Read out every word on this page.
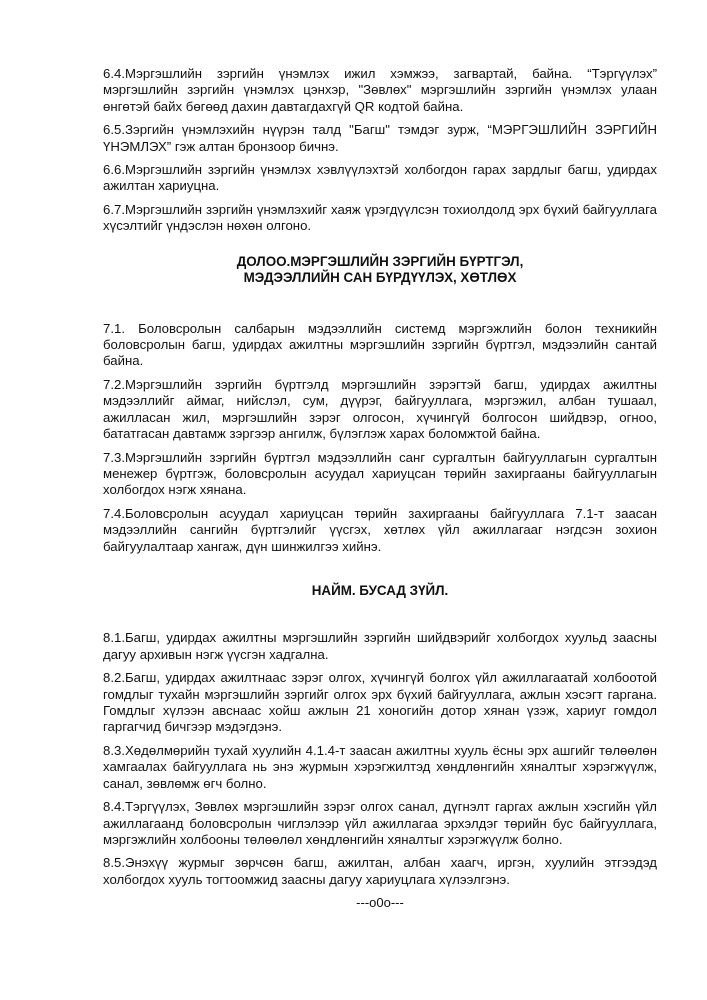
6.4.Мэргэшлийн зэргийн үнэмлэх ижил хэмжээ, загвартай, байна. “Тэргүүлэх” мэргэшлийн зэргийн үнэмлэх цэнхэр, "Зөвлөх" мэргэшлийн зэргийн үнэмлэх улаан өнгөтэй байх бөгөөд дахин давтагдахгүй QR кодтой байна.

6.5.Зэргийн үнэмлэхийн нүүрэн талд "Багш" тэмдэг зурж, “МЭРГЭШЛИЙН ЗЭРГИЙН ҮНЭМЛЭХ” гэж алтан бронзоор бичнэ.

6.6.Мэргэшлийн зэргийн үнэмлэх хэвлүүлэхтэй холбогдон гарах зардлыг багш, удирдах ажилтан хариуцна.

6.7.Мэргэшлийн зэргийн үнэмлэхийг хаяж үрэгдүүлсэн тохиолдолд эрх бүхий байгууллага хүсэлтийг үндэслэн нөхөн олгоно.

ДОЛОО.МЭРГЭШЛИЙН ЗЭРГИЙН БҮРТГЭЛ,
МЭДЭЭЛЛИЙН САН БҮРДҮҮЛЭХ, ХӨТЛӨХ

7.1. Боловсролын салбарын мэдээллийн системд мэргэжлийн болон техникийн боловсролын багш, удирдах ажилтны мэргэшлийн зэргийн бүртгэл, мэдээлийн сантай байна.

7.2.Мэргэшлийн зэргийн бүртгэлд мэргэшлийн зэрэгтэй багш, удирдах ажилтны мэдээллийг аймаг, нийслэл, сум, дүүрэг, байгууллага, мэргэжил, албан тушаал, ажилласан жил, мэргэшлийн зэрэг олгосон, хүчингүй болгосон шийдвэр, огноо, бататгасан давтамж зэргээр ангилж, бүлэглэж харах боломжтой байна.

7.3.Мэргэшлийн зэргийн бүртгэл мэдээллийн санг сургалтын байгууллагын сургалтын менежер бүртгэж, боловсролын асуудал хариуцсан төрийн захиргааны байгууллагын холбогдох нэгж хянана.

7.4.Боловсролын асуудал хариуцсан төрийн захиргааны байгууллага 7.1-т заасан мэдээллийн сангийн бүртгэлийг үүсгэх, хөтлөх үйл ажиллагааг нэгдсэн зохион байгуулалтаар хангаж, дүн шинжилгээ хийнэ.

НАЙМ. БУСАД ЗҮЙЛ.

8.1.Багш, удирдах ажилтны мэргэшлийн зэргийн шийдвэрийг холбогдох хуульд заасны дагуу архивын нэгж үүсгэн хадгална.

8.2.Багш, удирдах ажилтнаас зэрэг олгох, хүчингүй болгох үйл ажиллагаатай холбоотой гомдлыг тухайн мэргэшлийн зэргийг олгох эрх бүхий байгууллага, ажлын хэсэгт гаргана. Гомдлыг хүлээн авснаас хойш ажлын 21 хоногийн дотор хянан үзэж, хариуг гомдол гаргагчид бичгээр мэдэгдэнэ.

8.3.Хөдөлмөрийн тухай хуулийн 4.1.4-т заасан ажилтны хууль ёсны эрх ашгийг төлөөлөн хамгаалах байгууллага нь энэ журмын хэрэгжилтэд хөндлөнгийн хяналтыг хэрэгжүүлж, санал, зөвлөмж өгч болно.

8.4.Тэргүүлэх, Зөвлөх мэргэшлийн зэрэг олгох санал, дүгнэлт гаргах ажлын хэсгийн үйл ажиллагаанд боловсролын чиглэлээр үйл ажиллагаа эрхэлдэг төрийн бус байгууллага, мэргэжлийн холбооны төлөөлөл хөндлөнгийн хяналтыг хэрэгжүүлж болно.

8.5.Энэхүү журмыг зөрчсөн багш, ажилтан, албан хаагч, иргэн, хуулийн этгээдэд холбогдох хууль тогтоомжид заасны дагуу хариуцлага хүлээлгэнэ.

---o0o---
